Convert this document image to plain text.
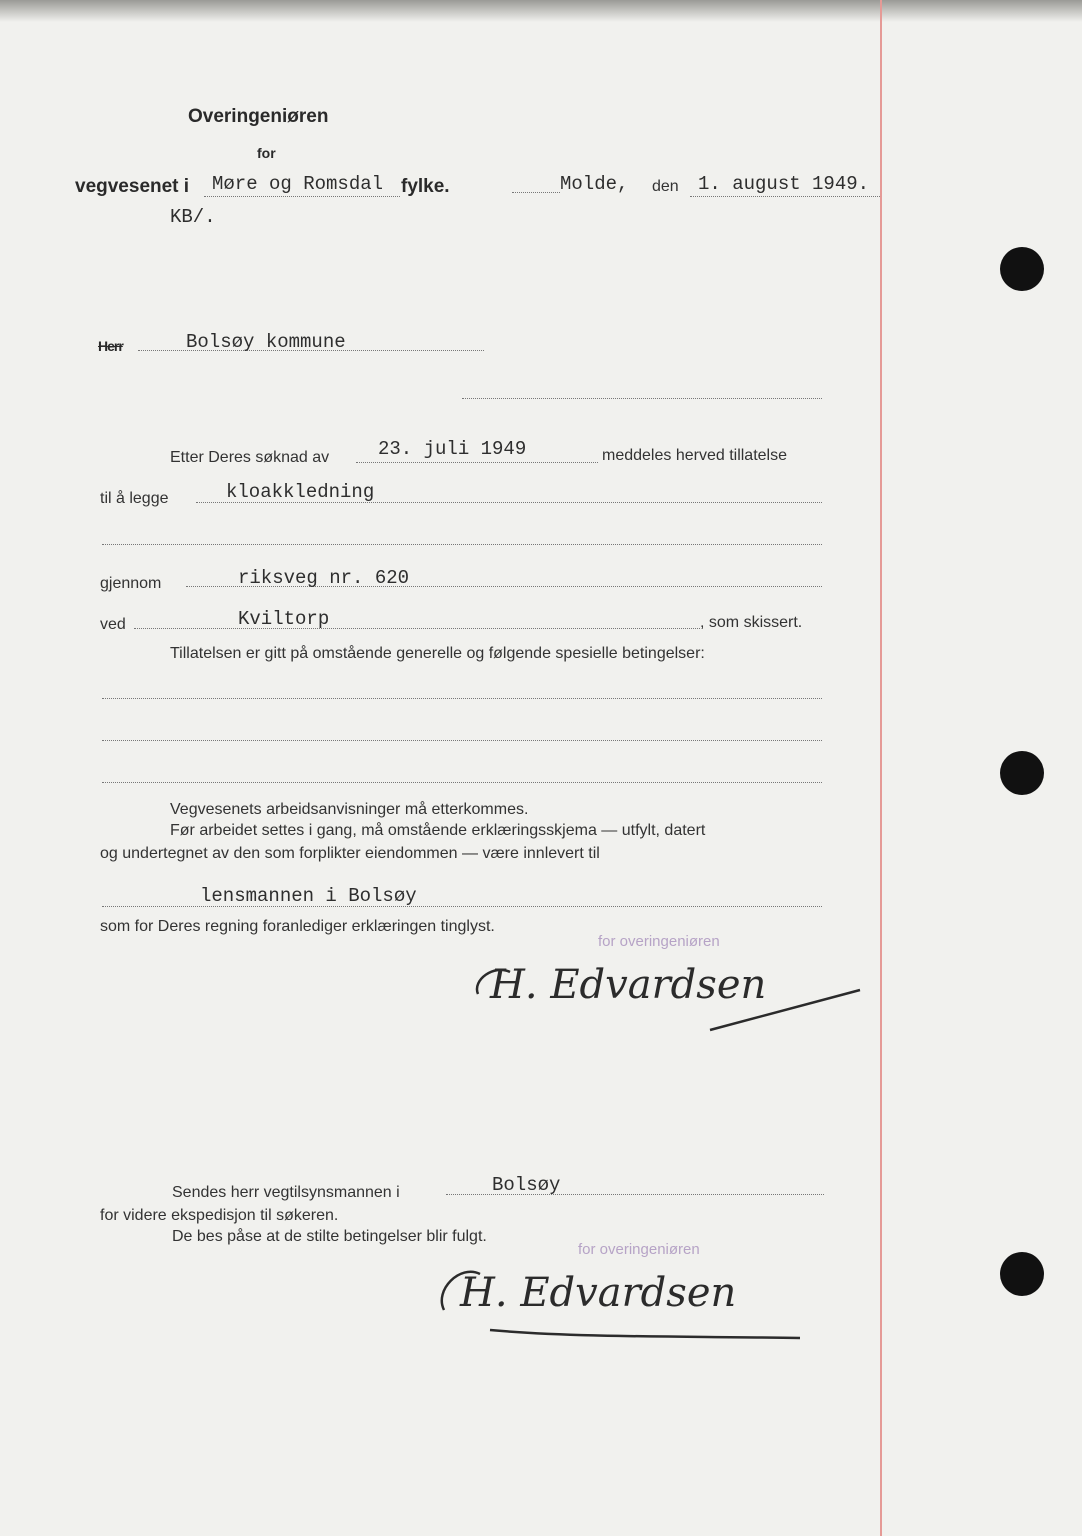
Overingeniøren
for
vegvesenet i Møre og Romsdal fylke.	Molde, den 1. august 1949.
KB/.
Herr	Bolsøy kommune
Etter Deres søknad av	23. juli 1949	meddeles herved tillatelse
til å legge	kloakkledning
gjennom	riksveg nr. 620
ved	Kviltorp	, som skissert.
Tillatelsen er gitt på omstående generelle og følgende spesielle betingelser:
Vegvesenets arbeidsanvisninger må etterkommes.
Før arbeidet settes i gang, må omstående erklæringsskjema — utfylt, datert
og undertegnet av den som forplikter eiendommen — være innlevert til
lensmannen i Bolsøy
som for Deres regning foranlediger erklæringen tinglyst.
for overingeniøren
H. Edvardsen
Sendes herr vegtilsynsmannen i	Bolsøy
for videre ekspedisjon til søkeren.
De bes påse at de stilte betingelser blir fulgt.
for overingeniøren
H. Edvardsen
